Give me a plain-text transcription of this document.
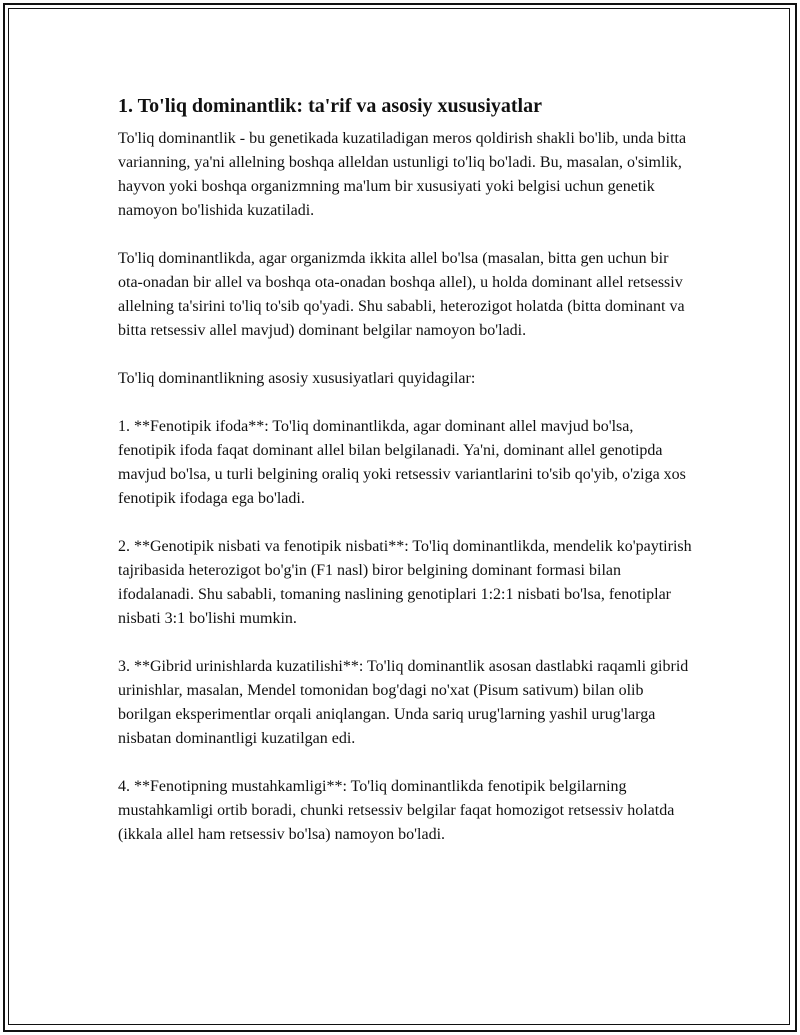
1. To'liq dominantlik: ta'rif va asosiy xususiyatlar

To'liq dominantlik - bu genetikada kuzatiladigan meros qoldirish shakli bo'lib, unda bitta varianning, ya'ni allelning boshqa alleldan ustunligi to'liq bo'ladi. Bu, masalan, o'simlik, hayvon yoki boshqa organizmning ma'lum bir xususiyati yoki belgisi uchun genetik namoyon bo'lishida kuzatiladi.

To'liq dominantlikda, agar organizmda ikkita allel bo'lsa (masalan, bitta gen uchun bir ota-onadan bir allel va boshqa ota-onadan boshqa allel), u holda dominant allel retsessiv allelning ta'sirini to'liq to'sib qo'yadi. Shu sababli, heterozigot holatda (bitta dominant va bitta retsessiv allel mavjud) dominant belgilar namoyon bo'ladi.

To'liq dominantlikning asosiy xususiyatlari quyidagilar:

1. **Fenotipik ifoda**: To'liq dominantlikda, agar dominant allel mavjud bo'lsa, fenotipik ifoda faqat dominant allel bilan belgilanadi. Ya'ni, dominant allel genotipda mavjud bo'lsa, u turli belgining oraliq yoki retsessiv variantlarini to'sib qo'yib, o'ziga xos fenotipik ifodaga ega bo'ladi.

2. **Genotipik nisbati va fenotipik nisbati**: To'liq dominantlikda, mendelik ko'paytirish tajribasida heterozigot bo'g'in (F1 nasl) biror belgining dominant formasi bilan ifodalanadi. Shu sababli, tomaning naslining genotiplari 1:2:1 nisbati bo'lsa, fenotiplar nisbati 3:1 bo'lishi mumkin.

3. **Gibrid urinishlarda kuzatilishi**: To'liq dominantlik asosan dastlabki raqamli gibrid urinishlar, masalan, Mendel tomonidan bog'dagi no'xat (Pisum sativum) bilan olib borilgan eksperimentlar orqali aniqlangan. Unda sariq urug'larning yashil urug'larga nisbatan dominantligi kuzatilgan edi.

4. **Fenotipning mustahkamligi**: To'liq dominantlikda fenotipik belgilarning mustahkamligi ortib boradi, chunki retsessiv belgilar faqat homozigot retsessiv holatda (ikkala allel ham retsessiv bo'lsa) namoyon bo'ladi.
